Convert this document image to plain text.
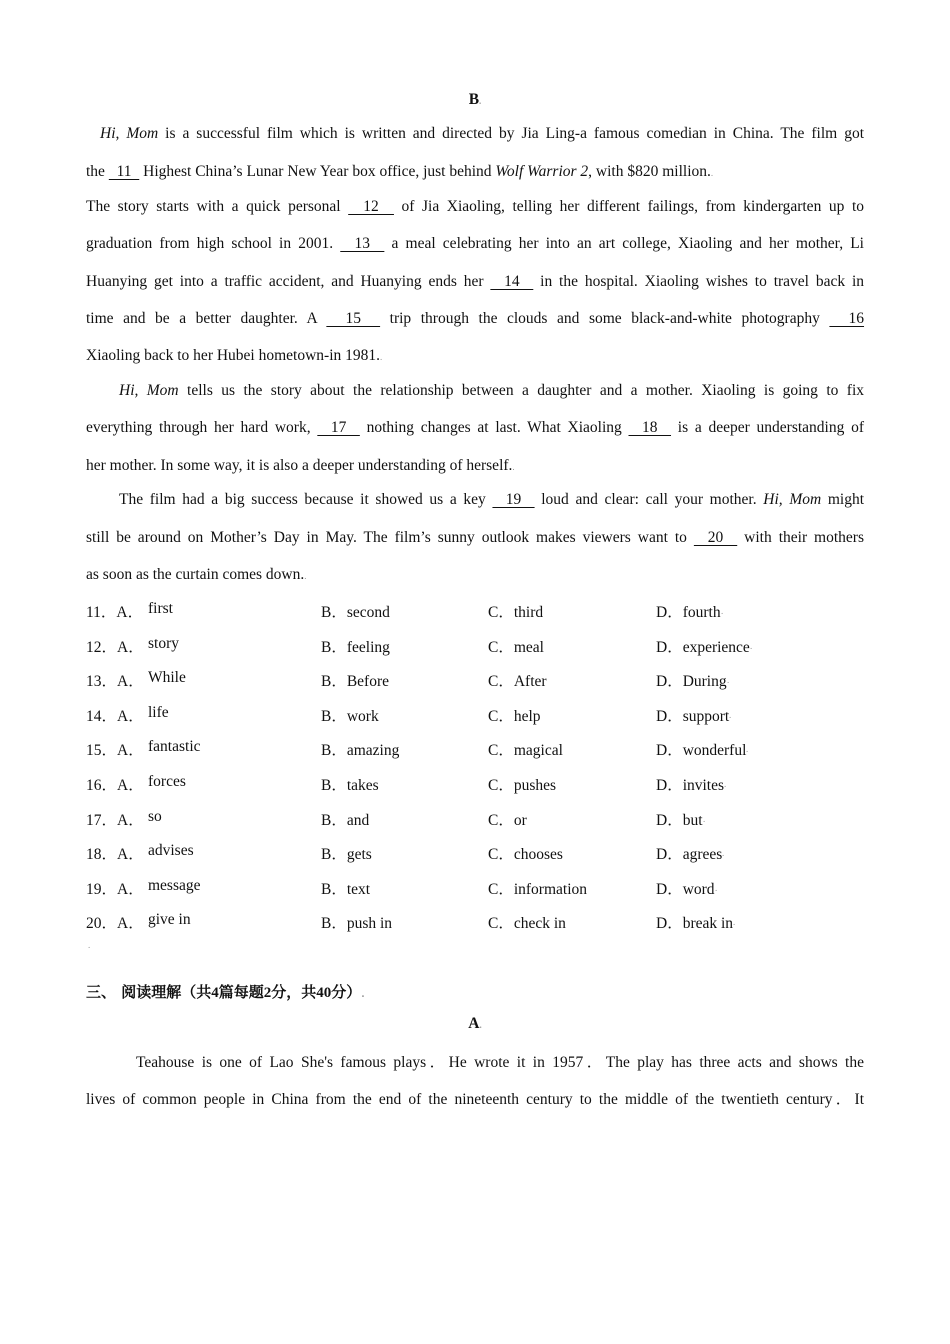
B.
Hi, Mom is a successful film which is written and directed by Jia Ling-a famous comedian in China. The film got
the   11   Highest China’s Lunar New Year box office, just behind Wolf Warrior 2, with $820 million..
The story starts with a quick personal   12   of Jia Xiaoling, telling her different failings, from kindergarten up to
graduation from high school in 2001.   13   a meal celebrating her into an art college, Xiaoling and her mother, Li
Huanying get into a traffic accident, and Huanying ends her   14   in the hospital. Xiaoling wishes to travel back in
time and be a better daughter. A   15   trip through the clouds and some black-and-white photography   16
Xiaoling back to her Hubei hometown-in 1981..
Hi, Mom tells us the story about the relationship between a daughter and a mother. Xiaoling is going to fix
everything through her hard work,   17   nothing changes at last. What Xiaoling   18   is a deeper understanding of
her mother. In some way, it is also a deeper understanding of herself..
The film had a big success because it showed us a key   19   loud and clear: call your mother. Hi, Mom might
still be around on Mother’s Day in May. The film’s sunny outlook makes viewers want to   20   with their mothers
as soon as the curtain comes down..
11．A． first	B．second	C．third	D．fourth .
12．A． story	B．feeling	C．meal	D．experience .
13．A． While	B．Before	C．After	D．During .
14．A． life	B．work	C．help	D．support .
15．A． fantastic	B．amazing	C．magical	D．wonderful .
16．A． forces	B．takes	C．pushes	D．invites .
17．A． so	B．and	C．or	D．but .
18．A． advises	B．gets	C．chooses	D．agrees .
19．A． message	B．text	C．information	D．word .
20．A． give in	B．push in	C．check in	D．break in .
.
三、 阅读理解（共4篇每题2分，共40分）.
A.
Teahouse is one of Lao She's famous plays．He wrote it in 1957．The play has three acts and shows the
lives of common people in China from the end of the nineteenth century to the middle of the twentieth century．It
